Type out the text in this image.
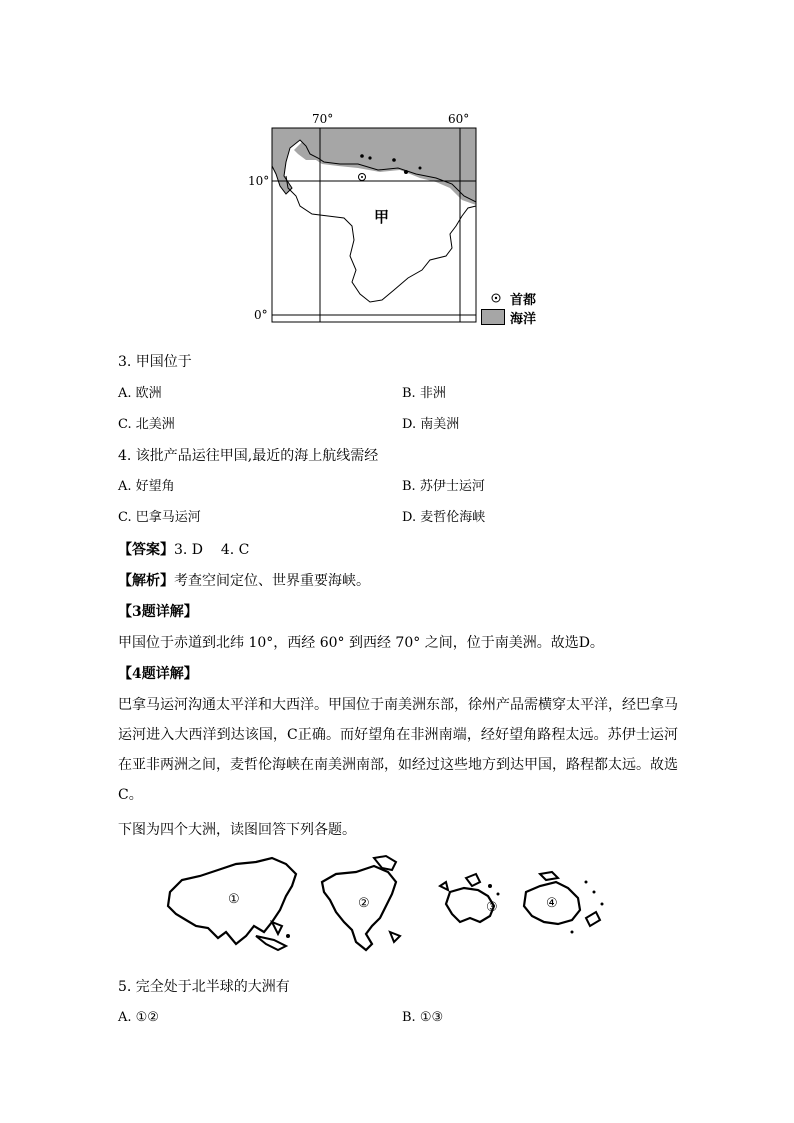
70°	60°
10°
0°
甲
首都
海洋
3. 甲国位于
A. 欧洲	B. 非洲
C. 北美洲	D. 南美洲
4. 该批产品运往甲国,最近的海上航线需经
A. 好望角	B. 苏伊士运河
C. 巴拿马运河	D. 麦哲伦海峡
【答案】3. D    4. C
【解析】考查空间定位、世界重要海峡。
【3题详解】
甲国位于赤道到北纬 10°，西经 60° 到西经 70° 之间，位于南美洲。故选D。
【4题详解】
巴拿马运河沟通太平洋和大西洋。甲国位于南美洲东部，徐州产品需横穿太平洋，经巴拿马运河进入大西洋到达该国，C正确。而好望角在非洲南端，经好望角路程太远。苏伊士运河在亚非两洲之间，麦哲伦海峡在南美洲南部，如经过这些地方到达甲国，路程都太远。故选C。
下图为四个大洲，读图回答下列各题。
①	②	③	④
5. 完全处于北半球的大洲有
A. ①②	B. ①③
